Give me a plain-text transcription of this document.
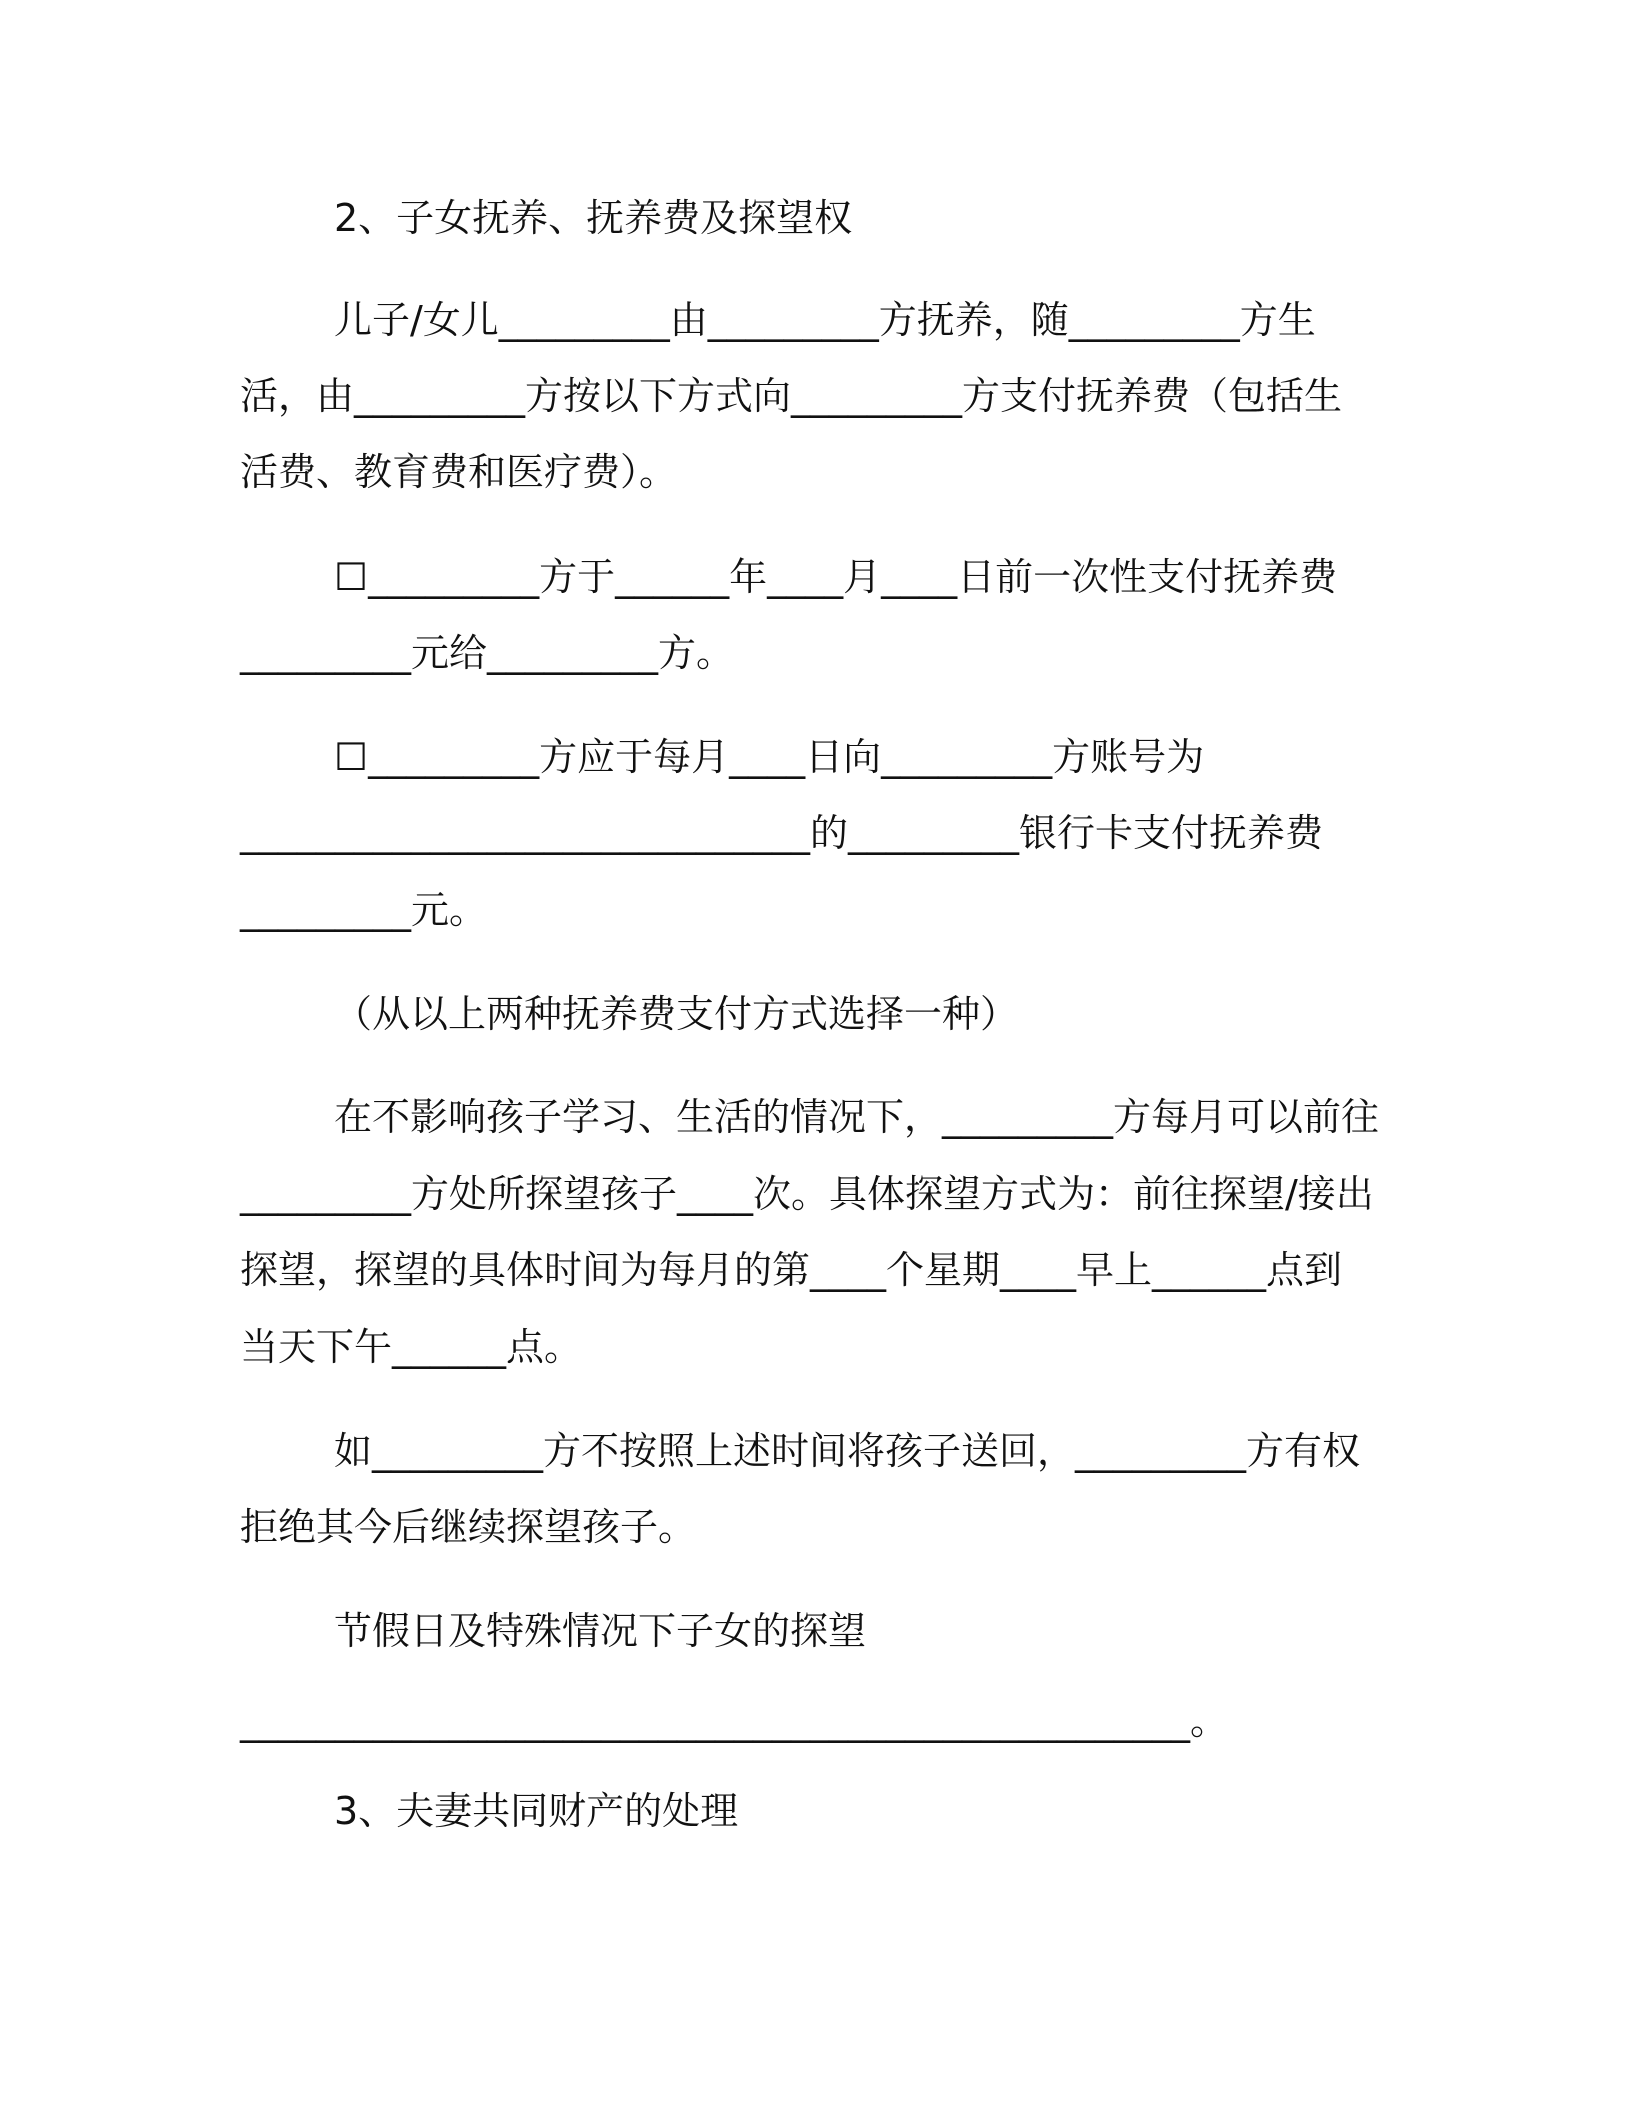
2、子女抚养、抚养费及探望权
儿子/女儿_________由_________方抚养，随_________方生
活，由_________方按以下方式向_________方支付抚养费（包括生
活费、教育费和医疗费）。
☐_________方于______年____月____日前一次性支付抚养费
_________元给_________方。
☐_________方应于每月____日向_________方账号为
______________________________的_________银行卡支付抚养费
_________元。
（从以上两种抚养费支付方式选择一种）
在不影响孩子学习、生活的情况下，_________方每月可以前往
_________方处所探望孩子____次。具体探望方式为：前往探望/接出
探望，探望的具体时间为每月的第____个星期____早上______点到
当天下午______点。
如_________方不按照上述时间将孩子送回，_________方有权
拒绝其今后继续探望孩子。
节假日及特殊情况下子女的探望
__________________________________________________。
3、夫妻共同财产的处理
